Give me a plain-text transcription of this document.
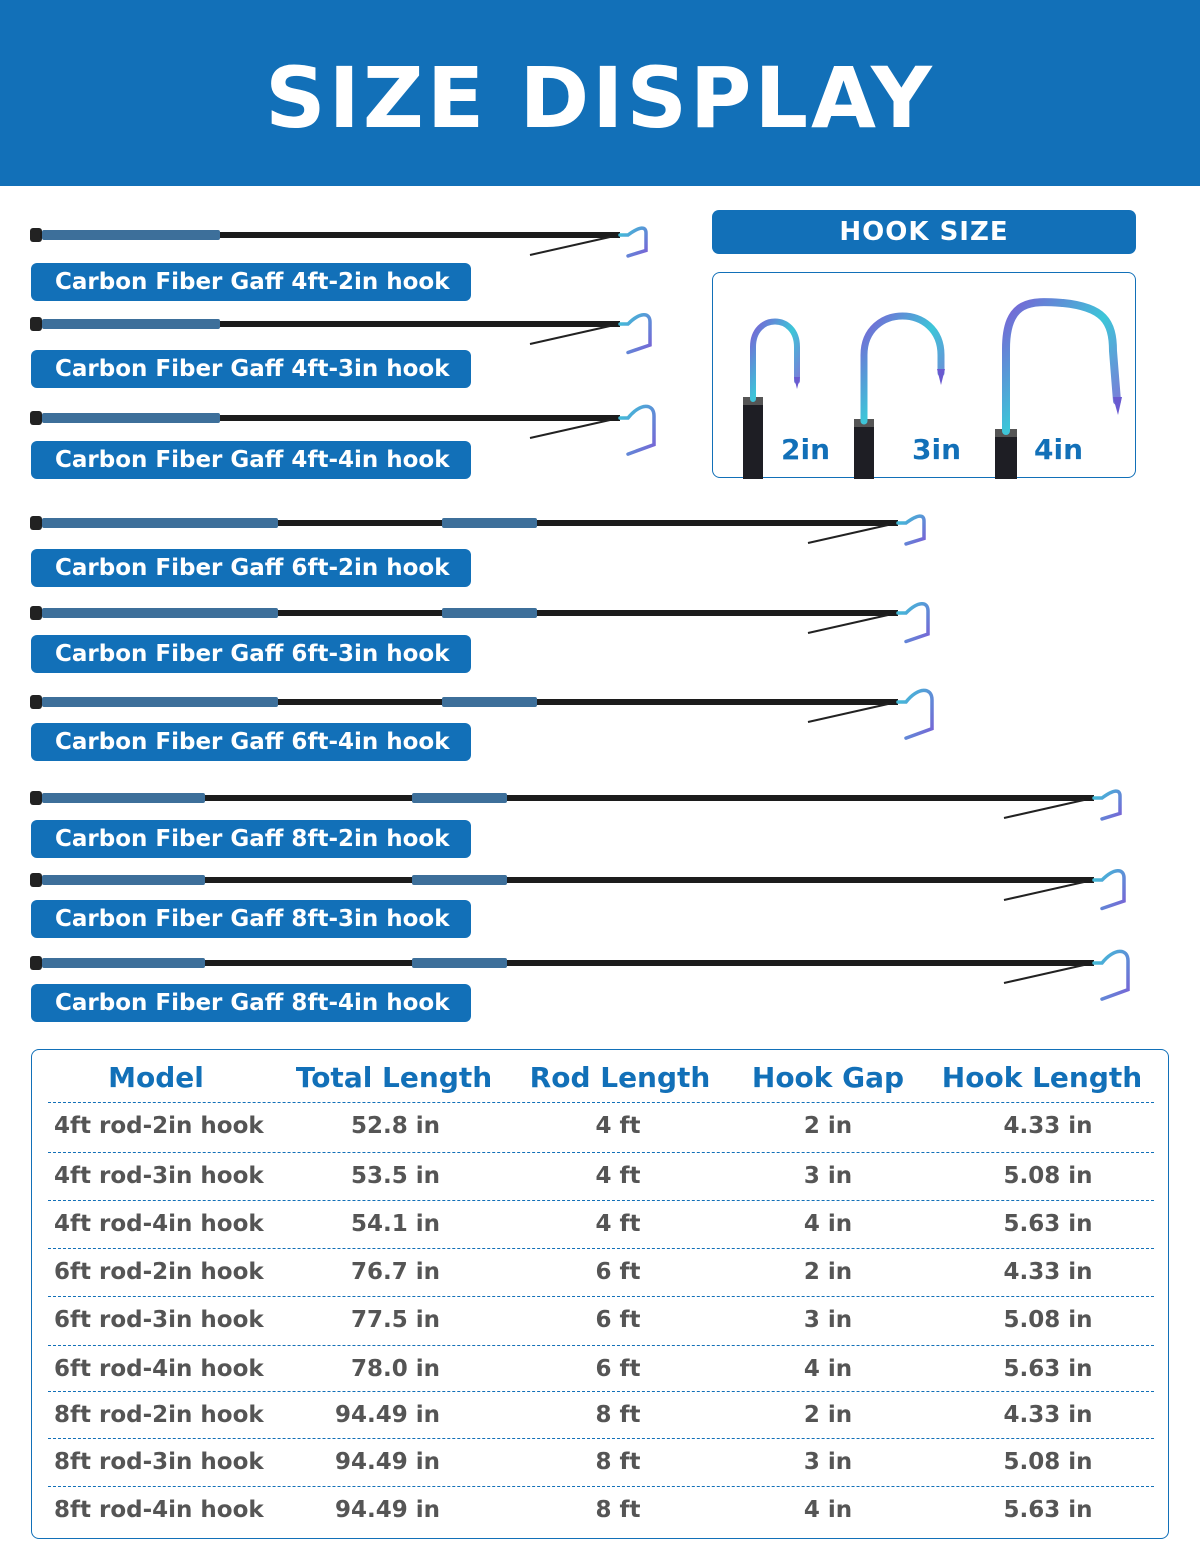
SIZE DISPLAY
Carbon Fiber Gaff 4ft-2in hook
Carbon Fiber Gaff 4ft-3in hook
Carbon Fiber Gaff 4ft-4in hook
Carbon Fiber Gaff 6ft-2in hook
Carbon Fiber Gaff 6ft-3in hook
Carbon Fiber Gaff 6ft-4in hook
Carbon Fiber Gaff 8ft-2in hook
Carbon Fiber Gaff 8ft-3in hook
Carbon Fiber Gaff 8ft-4in hook
HOOK SIZE
2in	3in	4in
Model	Total Length	Rod Length	Hook Gap	Hook Length
4ft rod-2in hook	52.8 in	4 ft	2 in	4.33 in
4ft rod-3in hook	53.5 in	4 ft	3 in	5.08 in
4ft rod-4in hook	54.1 in	4 ft	4 in	5.63 in
6ft rod-2in hook	76.7 in	6 ft	2 in	4.33 in
6ft rod-3in hook	77.5 in	6 ft	3 in	5.08 in
6ft rod-4in hook	78.0 in	6 ft	4 in	5.63 in
8ft rod-2in hook	94.49 in	8 ft	2 in	4.33 in
8ft rod-3in hook	94.49 in	8 ft	3 in	5.08 in
8ft rod-4in hook	94.49 in	8 ft	4 in	5.63 in
